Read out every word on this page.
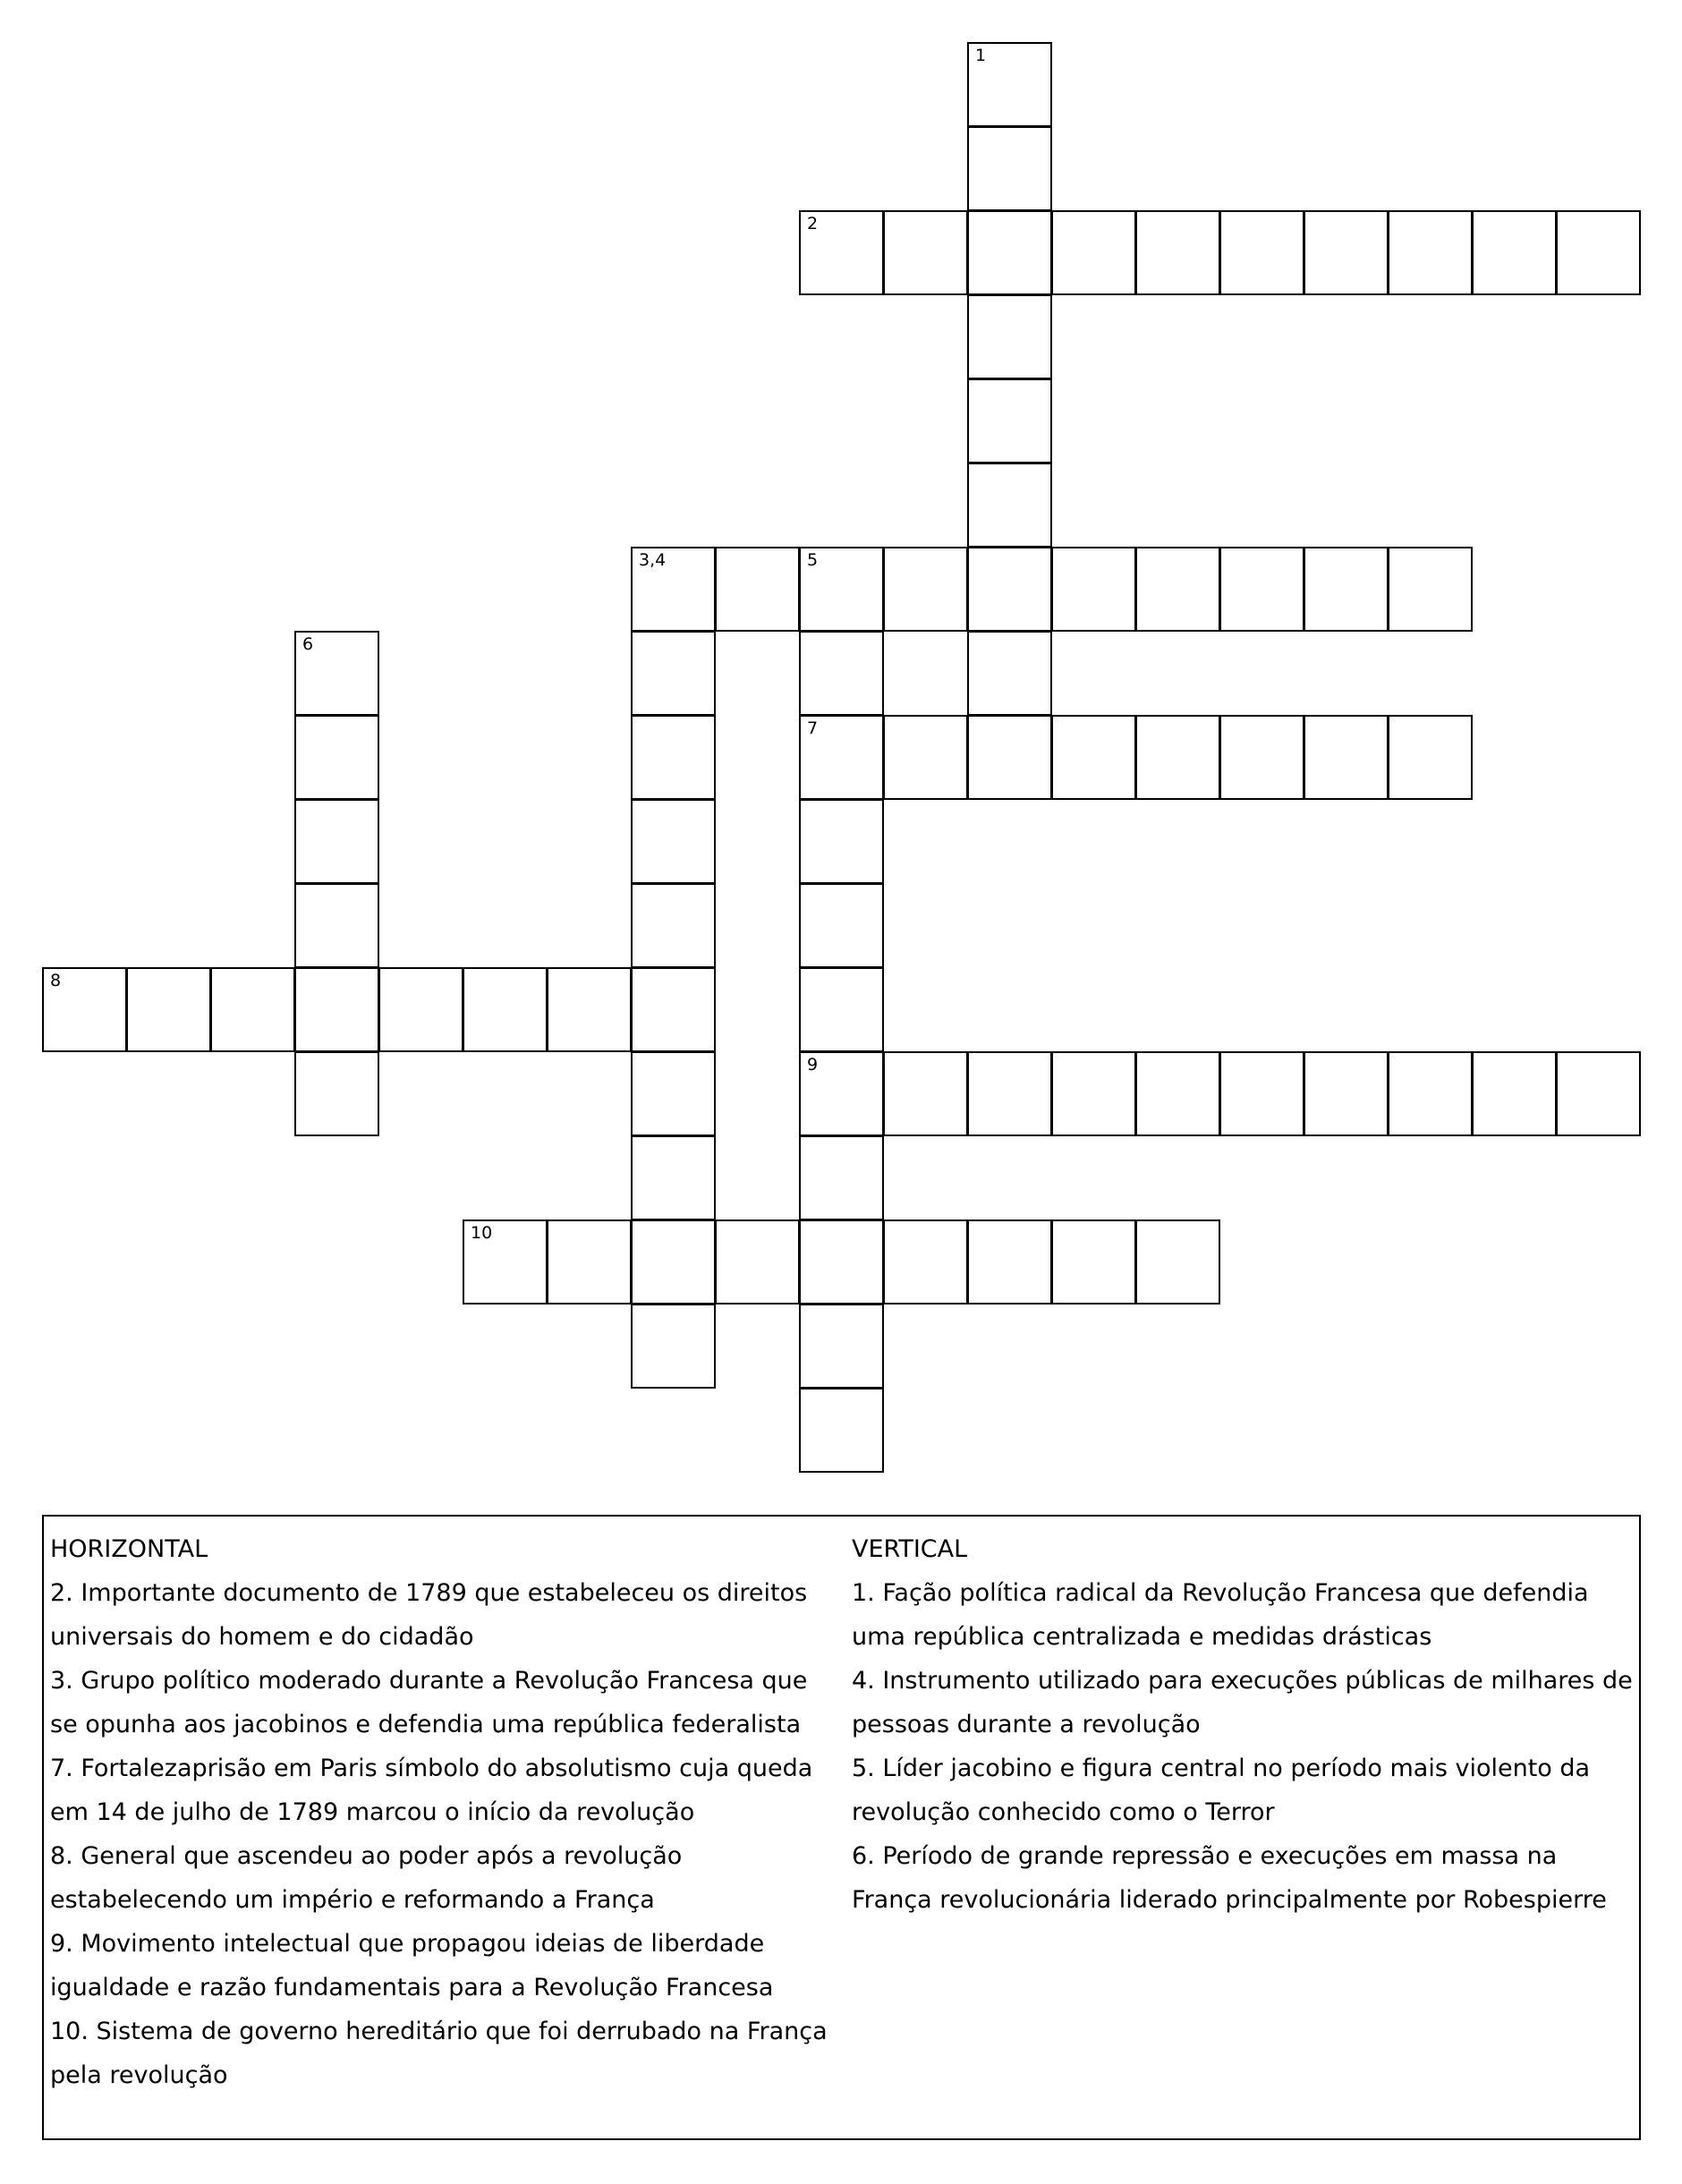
2
3,4	5
7
8
9
10
1
6
HORIZONTAL
2. Importante documento de 1789 que estabeleceu os direitos universais do homem e do cidadão
3. Grupo político moderado durante a Revolução Francesa que se opunha aos jacobinos e defendia uma república federalista
7. Fortalezaprisão em Paris símbolo do absolutismo cuja queda em 14 de julho de 1789 marcou o início da revolução
8. General que ascendeu ao poder após a revolução estabelecendo um império e reformando a França
9. Movimento intelectual que propagou ideias de liberdade igualdade e razão fundamentais para a Revolução Francesa
10. Sistema de governo hereditário que foi derrubado na França pela revolução
VERTICAL
1. Fação política radical da Revolução Francesa que defendia uma república centralizada e medidas drásticas
4. Instrumento utilizado para execuções públicas de milhares de pessoas durante a revolução
5. Líder jacobino e figura central no período mais violento da revolução conhecido como o Terror
6. Período de grande repressão e execuções em massa na França revolucionária liderado principalmente por Robespierre
